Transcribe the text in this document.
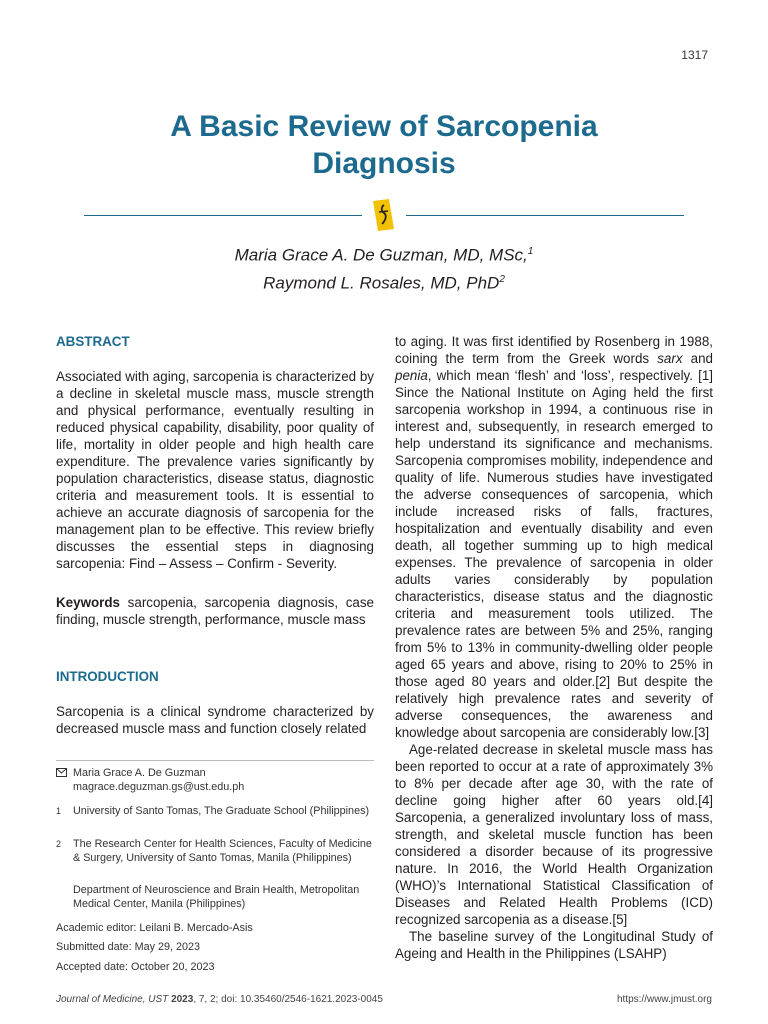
1317
A Basic Review of Sarcopenia
Diagnosis
Maria Grace A. De Guzman, MD, MSc,$^1$
Raymond L. Rosales, MD, PhD$^2$

ABSTRACT

Associated with aging, sarcopenia is characterized by a decline in skeletal muscle mass, muscle strength and physical performance, eventually resulting in reduced physical capability, disability, poor quality of life, mortality in older people and high health care expenditure. The prevalence varies significantly by population characteristics, disease status, diagnostic criteria and measurement tools. It is essential to achieve an accurate diagnosis of sarcopenia for the management plan to be effective. This review briefly discusses the essential steps in diagnosing sarcopenia: Find – Assess – Confirm - Severity.

Keywords sarcopenia, sarcopenia diagnosis, case finding, muscle strength, performance, muscle mass

INTRODUCTION

Sarcopenia is a clinical syndrome characterized by decreased muscle mass and function closely related

Maria Grace A. De Guzman
magrace.deguzman.gs@ust.edu.ph
1 University of Santo Tomas, The Graduate School (Philippines)
2 The Research Center for Health Sciences, Faculty of Medicine & Surgery, University of Santo Tomas, Manila (Philippines)
Department of Neuroscience and Brain Health, Metropolitan Medical Center, Manila (Philippines)
Academic editor: Leilani B. Mercado-Asis
Submitted date: May 29, 2023
Accepted date: October 20, 2023

to aging. It was first identified by Rosenberg in 1988, coining the term from the Greek words sarx and penia, which mean ‘flesh’ and ‘loss’, respectively. [1] Since the National Institute on Aging held the first sarcopenia workshop in 1994, a continuous rise in interest and, subsequently, in research emerged to help understand its significance and mechanisms. Sarcopenia compromises mobility, independence and quality of life. Numerous studies have investigated the adverse consequences of sarcopenia, which include increased risks of falls, fractures, hospitalization and eventually disability and even death, all together summing up to high medical expenses. The prevalence of sarcopenia in older adults varies considerably by population characteristics, disease status and the diagnostic criteria and measurement tools utilized. The prevalence rates are between 5% and 25%, ranging from 5% to 13% in community-dwelling older people aged 65 years and above, rising to 20% to 25% in those aged 80 years and older.[2] But despite the relatively high prevalence rates and severity of adverse consequences, the awareness and knowledge about sarcopenia are considerably low.[3]

Age-related decrease in skeletal muscle mass has been reported to occur at a rate of approximately 3% to 8% per decade after age 30, with the rate of decline going higher after 60 years old.[4] Sarcopenia, a generalized involuntary loss of mass, strength, and skeletal muscle function has been considered a disorder because of its progressive nature. In 2016, the World Health Organization (WHO)’s International Statistical Classification of Diseases and Related Health Problems (ICD) recognized sarcopenia as a disease.[5]

The baseline survey of the Longitudinal Study of Ageing and Health in the Philippines (LSAHP)

Journal of Medicine, UST 2023, 7, 2; doi: 10.35460/2546-1621.2023-0045	https://www.jmust.org
